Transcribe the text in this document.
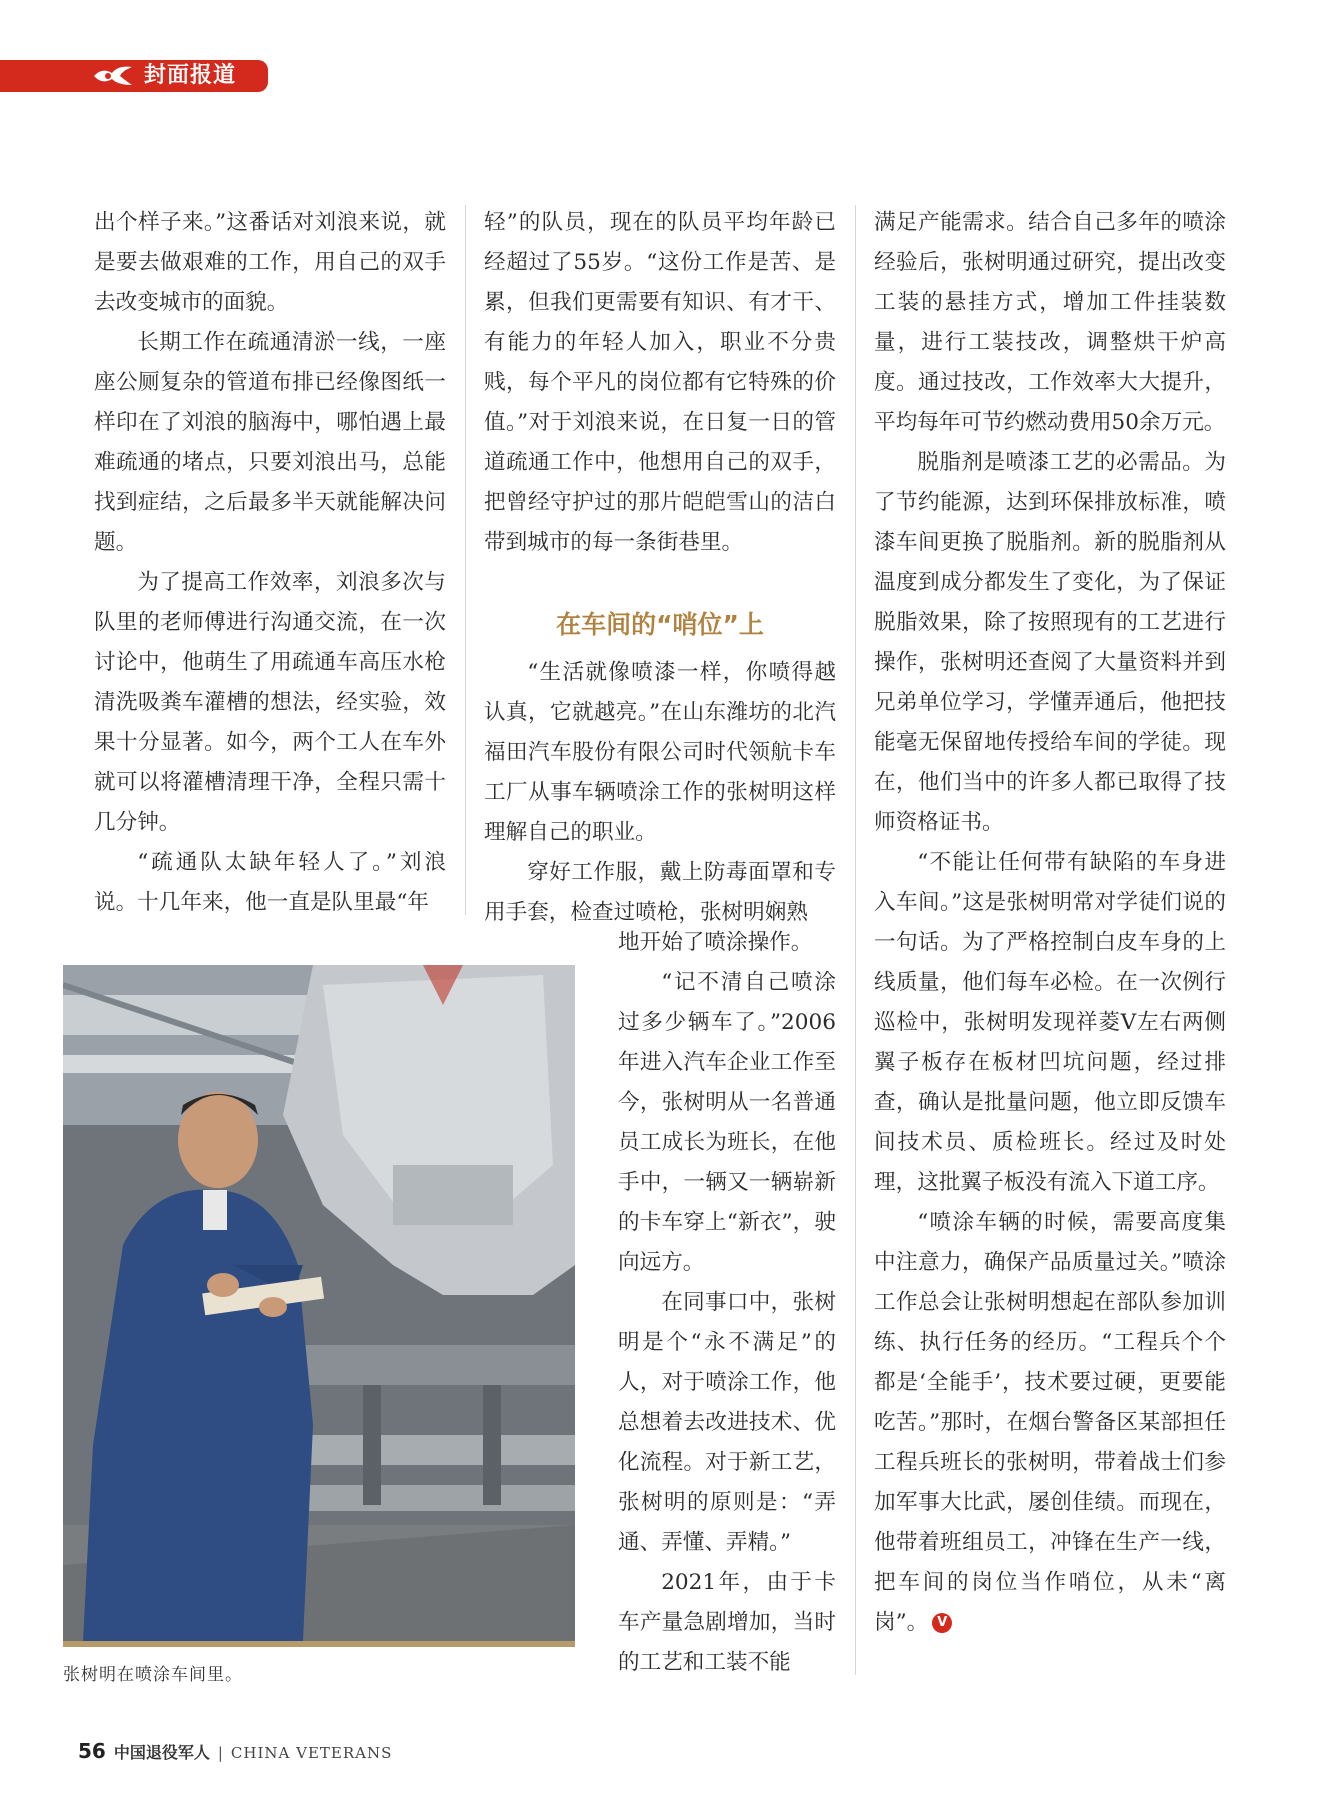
封面报道

出个样子来。”这番话对刘浪来说，就是要去做艰难的工作，用自己的双手去改变城市的面貌。

长期工作在疏通清淤一线，一座座公厕复杂的管道布排已经像图纸一样印在了刘浪的脑海中，哪怕遇上最难疏通的堵点，只要刘浪出马，总能找到症结，之后最多半天就能解决问题。

为了提高工作效率，刘浪多次与队里的老师傅进行沟通交流，在一次讨论中，他萌生了用疏通车高压水枪清洗吸粪车灌槽的想法，经实验，效果十分显著。如今，两个工人在车外就可以将灌槽清理干净，全程只需十几分钟。

“疏通队太缺年轻人了。”刘浪说。十几年来，他一直是队里最“年

轻”的队员，现在的队员平均年龄已经超过了55岁。“这份工作是苦、是累，但我们更需要有知识、有才干、有能力的年轻人加入，职业不分贵贱，每个平凡的岗位都有它特殊的价值。”对于刘浪来说，在日复一日的管道疏通工作中，他想用自己的双手，把曾经守护过的那片皑皑雪山的洁白带到城市的每一条街巷里。

在车间的“哨位”上

“生活就像喷漆一样，你喷得越认真，它就越亮。”在山东潍坊的北汽福田汽车股份有限公司时代领航卡车工厂从事车辆喷涂工作的张树明这样理解自己的职业。

穿好工作服，戴上防毒面罩和专用手套，检查过喷枪，张树明娴熟

地开始了喷涂操作。

“记不清自己喷涂过多少辆车了。”2006年进入汽车企业工作至今，张树明从一名普通员工成长为班长，在他手中，一辆又一辆崭新的卡车穿上“新衣”，驶向远方。

在同事口中，张树明是个“永不满足”的人，对于喷涂工作，他总想着去改进技术、优化流程。对于新工艺，张树明的原则是：“弄通、弄懂、弄精。”

2021年，由于卡车产量急剧增加，当时的工艺和工装不能

满足产能需求。结合自己多年的喷涂经验后，张树明通过研究，提出改变工装的悬挂方式，增加工件挂装数量，进行工装技改，调整烘干炉高度。通过技改，工作效率大大提升，平均每年可节约燃动费用50余万元。

脱脂剂是喷漆工艺的必需品。为了节约能源，达到环保排放标准，喷漆车间更换了脱脂剂。新的脱脂剂从温度到成分都发生了变化，为了保证脱脂效果，除了按照现有的工艺进行操作，张树明还查阅了大量资料并到兄弟单位学习，学懂弄通后，他把技能毫无保留地传授给车间的学徒。现在，他们当中的许多人都已取得了技师资格证书。

“不能让任何带有缺陷的车身进入车间。”这是张树明常对学徒们说的一句话。为了严格控制白皮车身的上线质量，他们每车必检。在一次例行巡检中，张树明发现祥菱V左右两侧翼子板存在板材凹坑问题，经过排查，确认是批量问题，他立即反馈车间技术员、质检班长。经过及时处理，这批翼子板没有流入下道工序。

“喷涂车辆的时候，需要高度集中注意力，确保产品质量过关。”喷涂工作总会让张树明想起在部队参加训练、执行任务的经历。“工程兵个个都是‘全能手’，技术要过硬，更要能吃苦。”那时，在烟台警备区某部担任工程兵班长的张树明，带着战士们参加军事大比武，屡创佳绩。而现在，他带着班组员工，冲锋在生产一线，把车间的岗位当作哨位，从未“离岗”。 V

张树明在喷涂车间里。
56 中国退役军人 | CHINA VETERANS
